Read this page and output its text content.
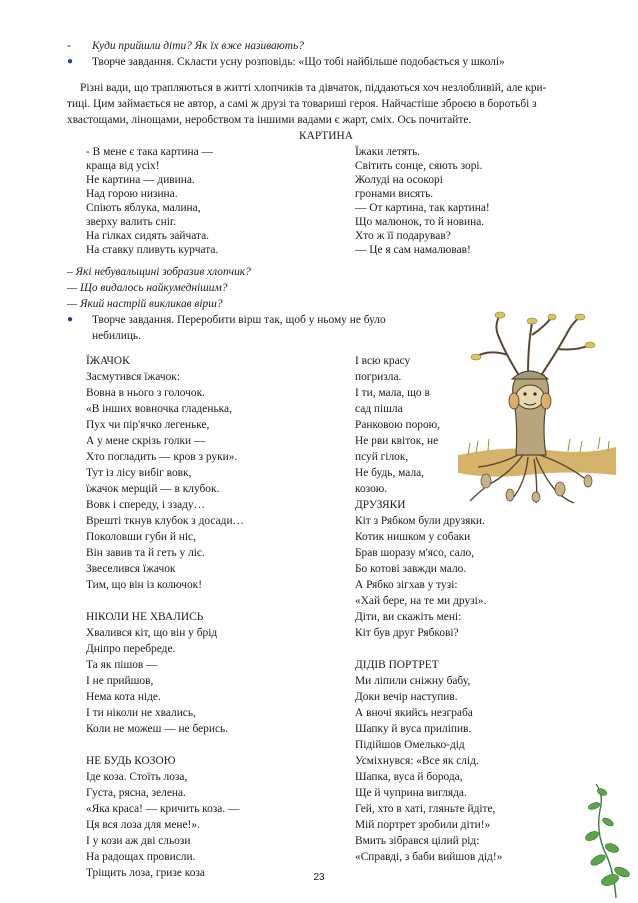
- Куди прийшли діти? Як їх вже називають?
● Творче завдання. Скласти усну розповідь: «Що тобі найбільше подобається у школі»
Різні вади, що трапляються в житті хлопчиків та дівчаток, піддаються хоч незлобливій, але кри-
тиці. Цим займається не автор, а самі ж друзі та товариші героя. Найчастіше зброєю в боротьбі з
хвастощами, лінощами, неробством та іншими вадами є жарт, сміх. Ось почитайте.
КАРТИНА
- В мене є така картина —
краща від усіх!
Не картина — дивина.
Над горою низина.
Спіють яблука, малина,
зверху валить сніг.
На гілках сидять зайчата.
На ставку пливуть курчата.
Їжаки летять.
Світить сонце, сяють зорі.
Жолуді на осокорі
гронами висять.
— От картина, так картина!
Що малюнок, то й новина.
Хто ж її подарував?
— Це я сам намалював!
– Які небувальщині зобразив хлопчик?
— Що видалось найкумеднішим?
— Який настрій викликав вірш?
● Творче завдання. Переробити вірш так, щоб у ньому не було
небилиць.
ЇЖАЧОК
Засмутився їжачок:
Вовна в нього з голочок.
«В інших вовночка гладенька,
Пух чи пір'ячко легеньке,
А у мене скрізь голки —
Хто погладить — кров з руки».
Тут із лісу вибіг вовк,
їжачок мерщій — в клубок.
Вовк і спереду, і ззаду…
Врешті ткнув клубок з досади…
Поколовши губи й ніс,
Він завив та й геть у ліс.
Звеселився їжачок
Тим, що він із колючок!
НІКОЛИ НЕ ХВАЛИСЬ
Хвалився кіт, що він у брід
Дніпро перебреде.
Та як пішов —
І не прийшов,
Нема кота ніде.
І ти ніколи не хвались,
Коли не можеш — не берись.
НЕ БУДЬ КОЗОЮ
Іде коза. Стоїть лоза,
Густа, рясна, зелена.
«Яка краса! — кричить коза. —
Ця вся лоза для мене!».
І у кози аж дві сльози
На радощах провисли.
Тріщить лоза, гризе коза
І всю красу
погризла.
І ти, мала, що в
сад пішла
Ранковою порою,
Не рви квіток, не
псуй гілок,
Не будь, мала,
козою.
ДРУЗЯКИ
Кіт з Рябком були друзяки.
Котик нишком у собаки
Брав шоразу м'ясо, сало,
Бо котові завжди мало.
А Рябко зігхав у тузі:
«Хай бере, на те ми друзі».
Діти, ви скажіть мені:
Кіт був друг Рябкові?
ДІДІВ ПОРТРЕТ
Ми ліпили сніжну бабу,
Доки вечір наступив.
А вночі якийсь незграба
Шапку й вуса прилiпив.
Підійшов Омелько-дід
Усміхнувся: «Все як слід.
Шапка, вуса й борода,
Ще й чуприна вигляда.
Гей, хто в хаті, гляньте йдіте,
Мій портрет зробили діти!»
Вмить зібрався цілий рід:
«Справді, з баби вийшов дід!»
23
